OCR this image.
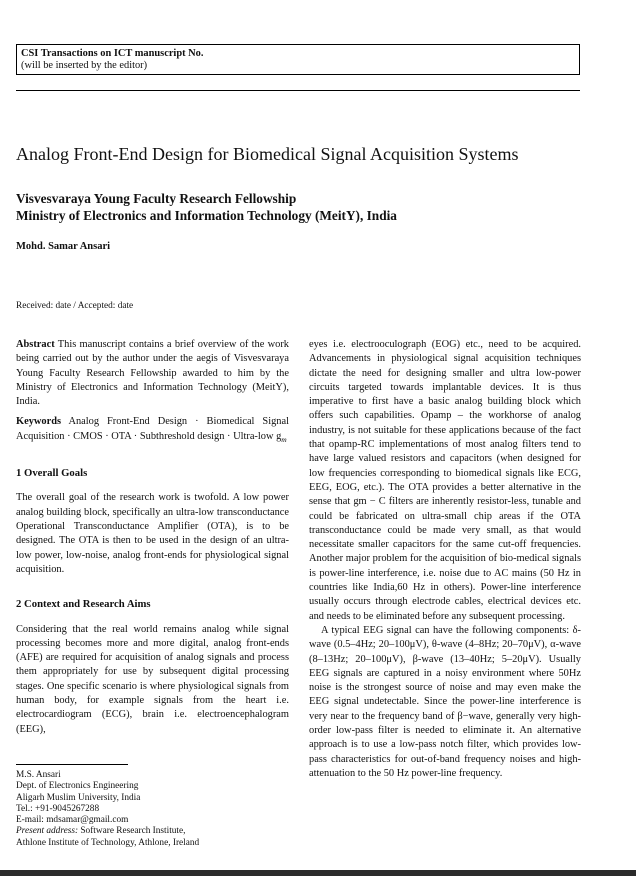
CSI Transactions on ICT manuscript No.
(will be inserted by the editor)
Analog Front-End Design for Biomedical Signal Acquisition Systems
Visvesvaraya Young Faculty Research Fellowship
Ministry of Electronics and Information Technology (MeitY), India
Mohd. Samar Ansari
Received: date / Accepted: date

Abstract This manuscript contains a brief overview of the work being carried out by the author under the aegis of Visvesvaraya Young Faculty Research Fellowship awarded to him by the Ministry of Electronics and Information Technology (MeitY), India.

Keywords Analog Front-End Design · Biomedical Signal Acquisition · CMOS · OTA · Subthreshold design · Ultra-low $g_m$

1 Overall Goals

The overall goal of the research work is twofold. A low power analog building block, specifically an ultra-low transconductance Operational Transconductance Amplifier (OTA), is to be designed. The OTA is then to be used in the design of an ultra-low power, low-noise, analog front-ends for physiological signal acquisition.

2 Context and Research Aims

Considering that the real world remains analog while signal processing becomes more and more digital, analog front-ends (AFE) are required for acquisition of analog signals and process them appropriately for use by subsequent digital processing stages. One specific scenario is where physiological signals from human body, for example signals from the heart i.e. electrocardiogram (ECG), brain i.e. electroencephalogram (EEG),

eyes i.e. electrooculograph (EOG) etc., need to be acquired. Advancements in physiological signal acquisition techniques dictate the need for designing smaller and ultra low-power circuits targeted towards implantable devices. It is thus imperative to first have a basic analog building block which offers such capabilities. Opamp – the workhorse of analog industry, is not suitable for these applications because of the fact that opamp-RC implementations of most analog filters tend to have large valued resistors and capacitors (when designed for low frequencies corresponding to biomedical signals like ECG, EEG, EOG, etc.). The OTA provides a better alternative in the sense that gm − C filters are inherently resistor-less, tunable and could be fabricated on ultra-small chip areas if the OTA transconductance could be made very small, as that would necessitate smaller capacitors for the same cut-off frequencies. Another major problem for the acquisition of bio-medical signals is power-line interference, i.e. noise due to AC mains (50 Hz in countries like India,60 Hz in others). Power-line interference usually occurs through electrode cables, electrical devices etc. and needs to be eliminated before any subsequent processing.

A typical EEG signal can have the following components: δ-wave (0.5–4Hz; 20–100μV), θ-wave (4–8Hz; 20–70μV), α-wave (8–13Hz; 20–100μV), β-wave (13–40Hz; 5–20μV). Usually EEG signals are captured in a noisy environment where 50Hz noise is the strongest source of noise and may even make the EEG signal undetectable. Since the power-line interference is very near to the frequency band of β−wave, generally very high-order low-pass filter is needed to eliminate it. An alternative approach is to use a low-pass notch filter, which provides low-pass characteristics for out-of-band frequency noises and high-attenuation to the 50 Hz power-line frequency.

M.S. Ansari
Dept. of Electronics Engineering
Aligarh Muslim University, India
Tel.: +91-9045267288
E-mail: mdsamar@gmail.com
Present address: Software Research Institute,
Athlone Institute of Technology, Athlone, Ireland
